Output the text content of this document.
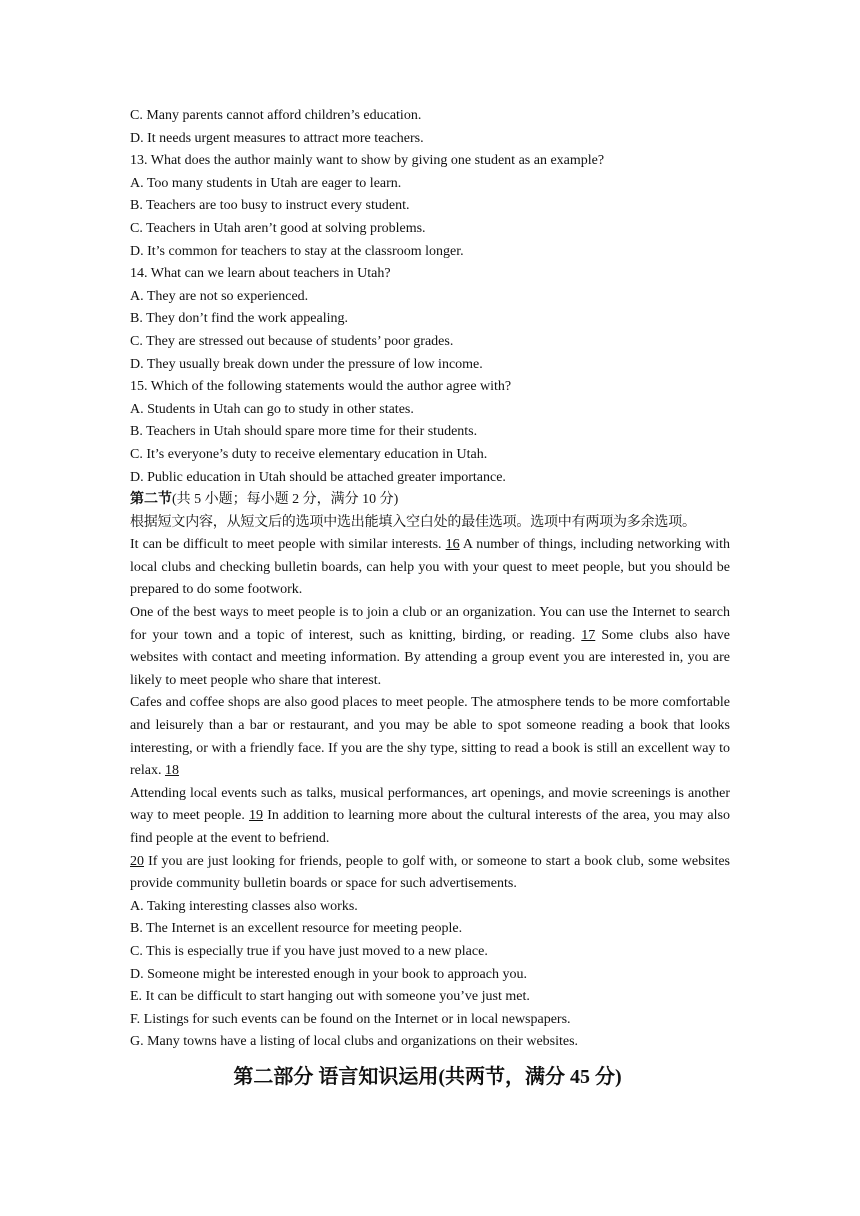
C. Many parents cannot afford children’s education.
D. It needs urgent measures to attract more teachers.
13. What does the author mainly want to show by giving one student as an example?
A. Too many students in Utah are eager to learn.
B. Teachers are too busy to instruct every student.
C. Teachers in Utah aren’t good at solving problems.
D. It’s common for teachers to stay at the classroom longer.
14. What can we learn about teachers in Utah?
A. They are not so experienced.
B. They don’t find the work appealing.
C. They are stressed out because of students’ poor grades.
D. They usually break down under the pressure of low income.
15. Which of the following statements would the author agree with?
A. Students in Utah can go to study in other states.
B. Teachers in Utah should spare more time for their students.
C. It’s everyone’s duty to receive elementary education in Utah.
D. Public education in Utah should be attached greater importance.
第二节(共 5 小题；每小题 2 分，满分 10 分)
根据短文内容，从短文后的选项中选出能填入空白处的最佳选项。选项中有两项为多余选项。
It can be difficult to meet people with similar interests. 16 A number of things, including networking with local clubs and checking bulletin boards, can help you with your quest to meet people, but you should be prepared to do some footwork.
One of the best ways to meet people is to join a club or an organization. You can use the Internet to search for your town and a topic of interest, such as knitting, birding, or reading. 17 Some clubs also have websites with contact and meeting information. By attending a group event you are interested in, you are likely to meet people who share that interest.
Cafes and coffee shops are also good places to meet people. The atmosphere tends to be more comfortable and leisurely than a bar or restaurant, and you may be able to spot someone reading a book that looks interesting, or with a friendly face. If you are the shy type, sitting to read a book is still an excellent way to relax. 18
Attending local events such as talks, musical performances, art openings, and movie screenings is another way to meet people. 19 In addition to learning more about the cultural interests of the area, you may also find people at the event to befriend.
20 If you are just looking for friends, people to golf with, or someone to start a book club, some websites provide community bulletin boards or space for such advertisements.
A. Taking interesting classes also works.
B. The Internet is an excellent resource for meeting people.
C. This is especially true if you have just moved to a new place.
D. Someone might be interested enough in your book to approach you.
E. It can be difficult to start hanging out with someone you’ve just met.
F. Listings for such events can be found on the Internet or in local newspapers.
G. Many towns have a listing of local clubs and organizations on their websites.
第二部分 语言知识运用(共两节，满分 45 分)
